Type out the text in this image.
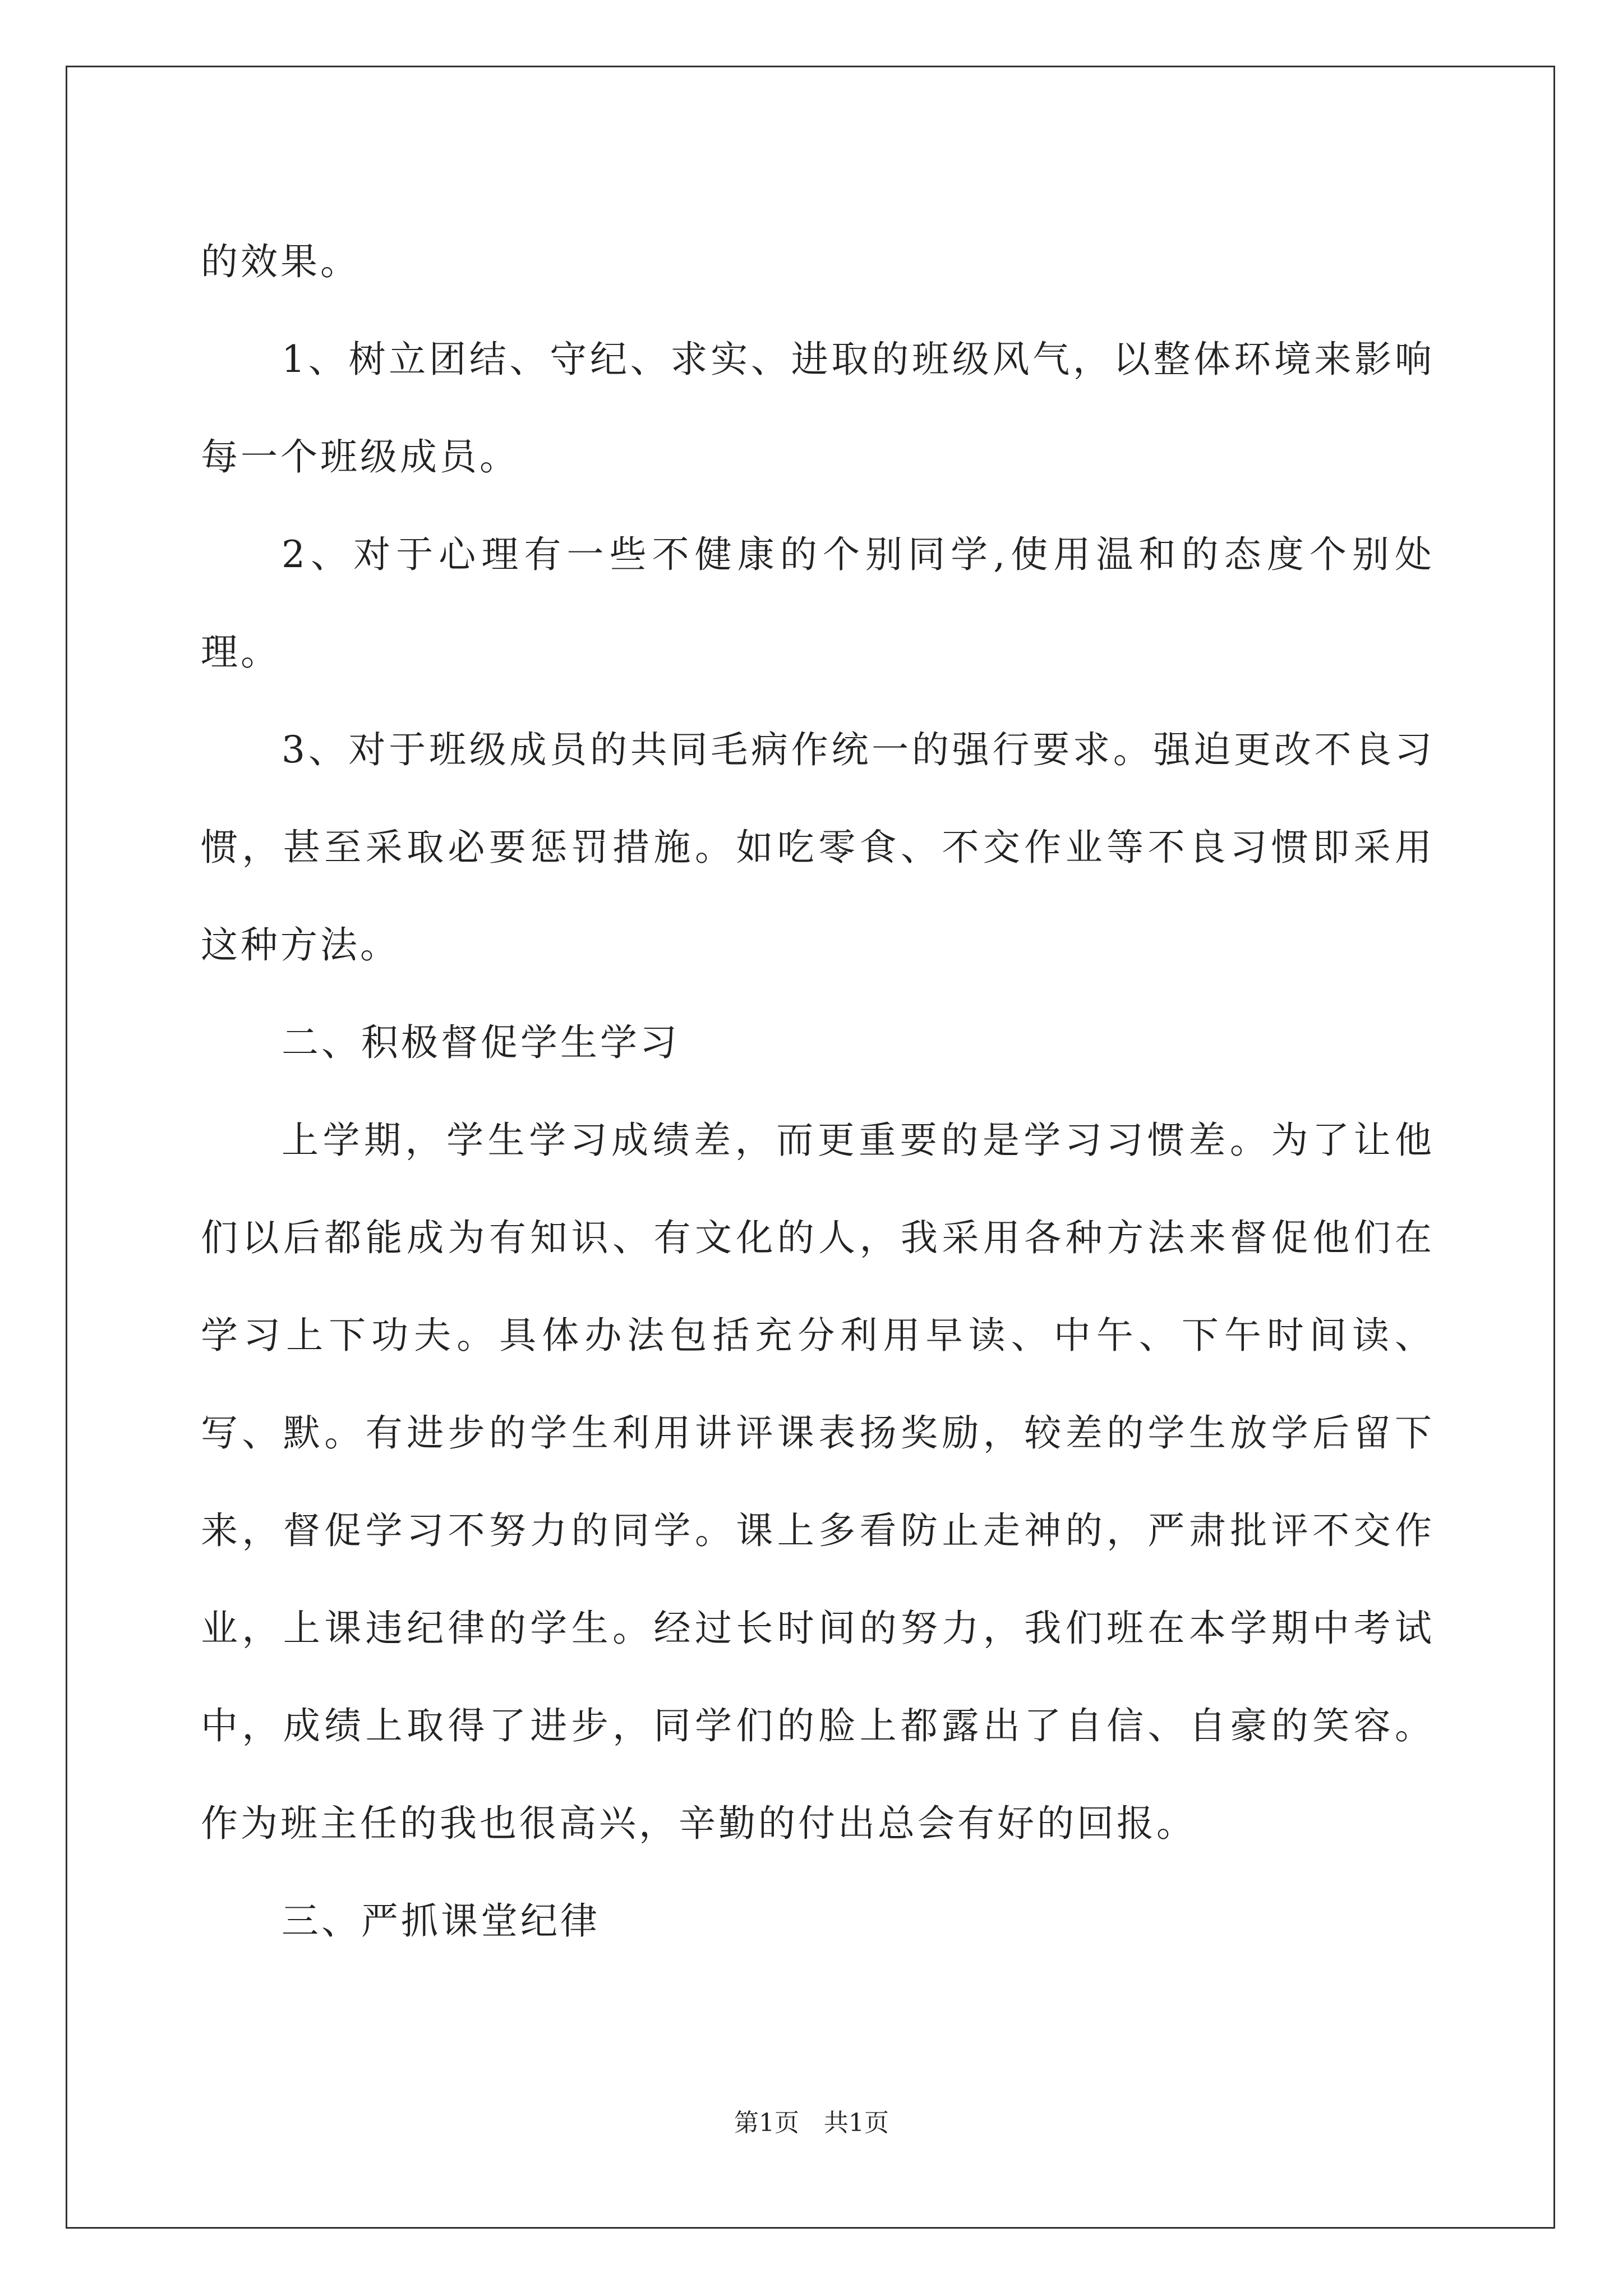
的效果。

1、树立团结、守纪、求实、进取的班级风气，以整体环境来影响每一个班级成员。

2、对于心理有一些不健康的个别同学,使用温和的态度个别处理。

3、对于班级成员的共同毛病作统一的强行要求。强迫更改不良习惯，甚至采取必要惩罚措施。如吃零食、不交作业等不良习惯即采用这种方法。

二、积极督促学生学习

上学期，学生学习成绩差，而更重要的是学习习惯差。为了让他们以后都能成为有知识、有文化的人，我采用各种方法来督促他们在学习上下功夫。具体办法包括充分利用早读、中午、下午时间读、写、默。有进步的学生利用讲评课表扬奖励，较差的学生放学后留下来，督促学习不努力的同学。课上多看防止走神的，严肃批评不交作业，上课违纪律的学生。经过长时间的努力，我们班在本学期中考试中，成绩上取得了进步，同学们的脸上都露出了自信、自豪的笑容。作为班主任的我也很高兴，辛勤的付出总会有好的回报。

三、严抓课堂纪律

第1页　共1页
